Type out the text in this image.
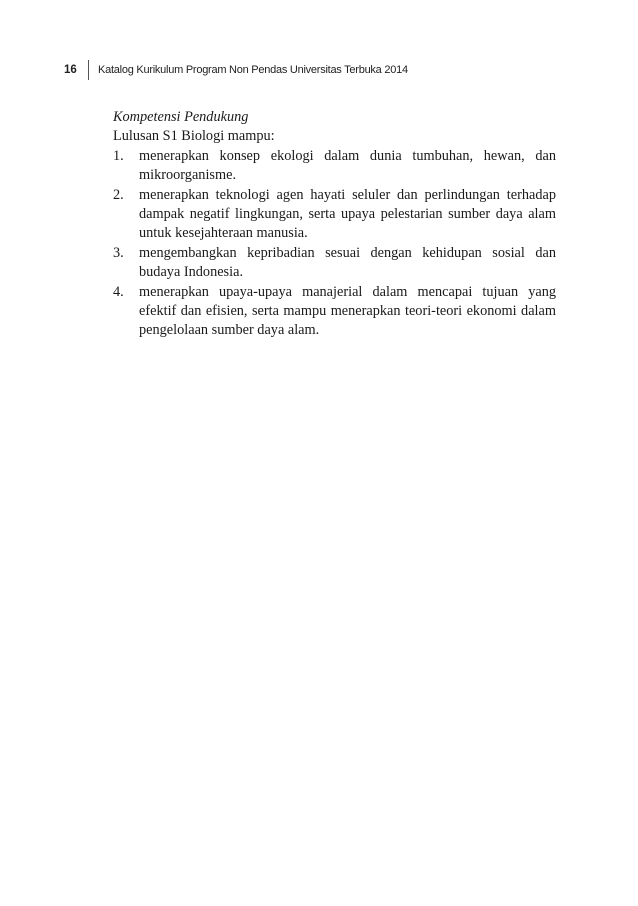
16	Katalog Kurikulum Program Non Pendas Universitas Terbuka 2014
Kompetensi Pendukung
Lulusan S1 Biologi mampu:
1. menerapkan konsep ekologi dalam dunia tumbuhan, hewan, dan mikroorganisme.
2. menerapkan teknologi agen hayati seluler dan perlindungan terhadap dampak negatif lingkungan, serta upaya pelestarian sumber daya alam untuk kesejahteraan manusia.
3. mengembangkan kepribadian sesuai dengan kehidupan sosial dan budaya Indonesia.
4. menerapkan upaya-upaya manajerial dalam mencapai tujuan yang efektif dan efisien, serta mampu menerapkan teori-teori ekonomi dalam pengelolaan sumber daya alam.
